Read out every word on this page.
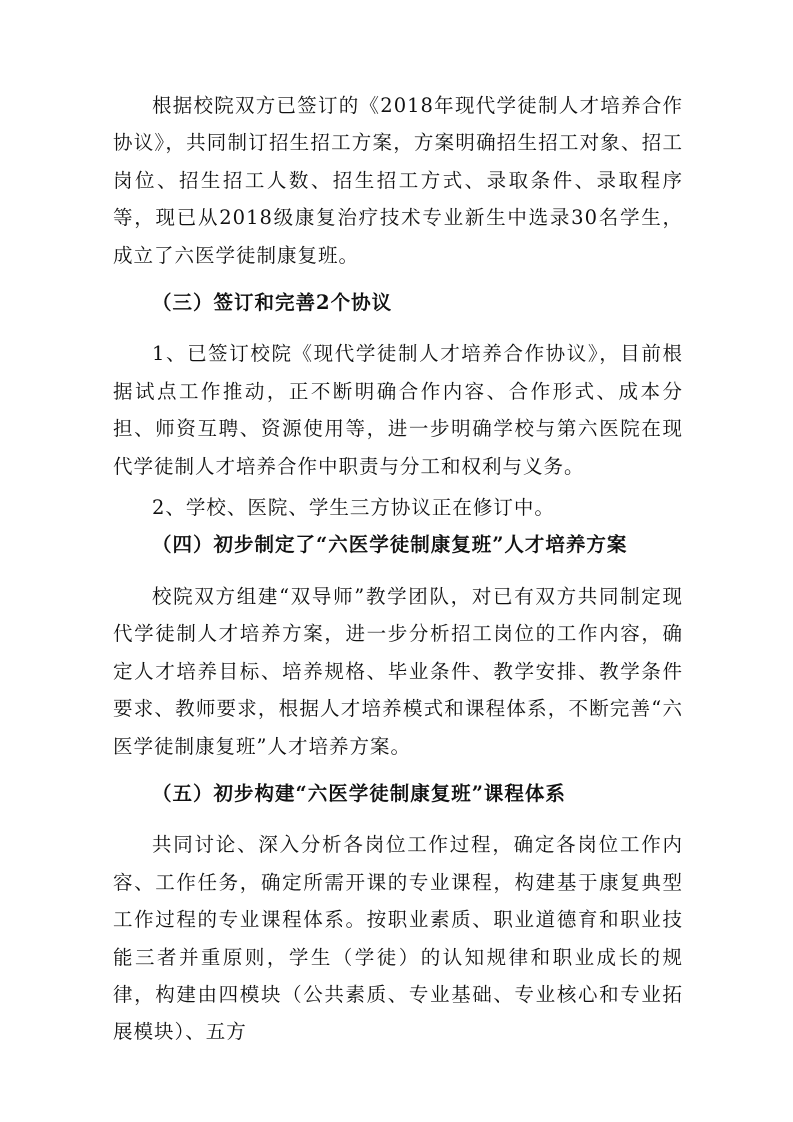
根据校院双方已签订的《2018年现代学徒制人才培养合作协议》，共同制订招生招工方案，方案明确招生招工对象、招工岗位、招生招工人数、招生招工方式、录取条件、录取程序等，现已从2018级康复治疗技术专业新生中选录30名学生，成立了六医学徒制康复班。

（三）签订和完善2个协议

1、已签订校院《现代学徒制人才培养合作协议》，目前根据试点工作推动，正不断明确合作内容、合作形式、成本分担、师资互聘、资源使用等，进一步明确学校与第六医院在现代学徒制人才培养合作中职责与分工和权利与义务。

2、学校、医院、学生三方协议正在修订中。

（四）初步制定了“六医学徒制康复班”人才培养方案

校院双方组建“双导师”教学团队，对已有双方共同制定现代学徒制人才培养方案，进一步分析招工岗位的工作内容，确定人才培养目标、培养规格、毕业条件、教学安排、教学条件要求、教师要求，根据人才培养模式和课程体系，不断完善“六医学徒制康复班”人才培养方案。

（五）初步构建“六医学徒制康复班”课程体系

共同讨论、深入分析各岗位工作过程，确定各岗位工作内容、工作任务，确定所需开课的专业课程，构建基于康复典型工作过程的专业课程体系。按职业素质、职业道德育和职业技能三者并重原则，学生（学徒）的认知规律和职业成长的规律，构建由四模块（公共素质、专业基础、专业核心和专业拓展模块）、五方
